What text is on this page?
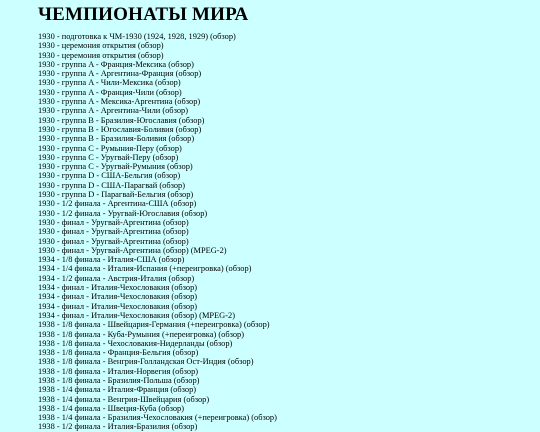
ЧЕМПИОНАТЫ МИРА
1930 - подготовка к ЧМ-1930 (1924, 1928, 1929) (обзор)
1930 - церемония открытия (обзор)
1930 - церемония открытия (обзор)
1930 - группа A - Франция-Мексика (обзор)
1930 - группа A - Аргентина-Франция (обзор)
1930 - группа A - Чили-Мексика (обзор)
1930 - группа A - Франция-Чили (обзор)
1930 - группа A - Мексика-Аргентина (обзор)
1930 - группа A - Аргентина-Чили (обзор)
1930 - группа B - Бразилия-Югославия (обзор)
1930 - группа B - Югославия-Боливия (обзор)
1930 - группа B - Бразилия-Боливия (обзор)
1930 - группа C - Румыния-Перу (обзор)
1930 - группа C - Уругвай-Перу (обзор)
1930 - группа C - Уругвай-Румыния (обзор)
1930 - группа D - США-Бельгия (обзор)
1930 - группа D - США-Парагвай (обзор)
1930 - группа D - Парагвай-Бельгия (обзор)
1930 - 1/2 финала - Аргентина-США (обзор)
1930 - 1/2 финала - Уругвай-Югославия (обзор)
1930 - финал - Уругвай-Аргентина (обзор)
1930 - финал - Уругвай-Аргентина (обзор)
1930 - финал - Уругвай-Аргентина (обзор)
1930 - финал - Уругвай-Аргентина (обзор) (MPEG-2)
1934 - 1/8 финала - Италия-США (обзор)
1934 - 1/4 финала - Италия-Испания (+переигровка) (обзор)
1934 - 1/2 финала - Австрия-Италия (обзор)
1934 - финал - Италия-Чехословакия (обзор)
1934 - финал - Италия-Чехословакия (обзор)
1934 - финал - Италия-Чехословакия (обзор)
1934 - финал - Италия-Чехословакия (обзор) (MPEG-2)
1938 - 1/8 финала - Швейцария-Германия (+переигровка) (обзор)
1938 - 1/8 финала - Куба-Румыния (+переигровка) (обзор)
1938 - 1/8 финала - Чехословакия-Нидерланды (обзор)
1938 - 1/8 финала - Франция-Бельгия (обзор)
1938 - 1/8 финала - Венгрия-Голландская Ост-Индия (обзор)
1938 - 1/8 финала - Италия-Норвегия (обзор)
1938 - 1/8 финала - Бразилия-Польша (обзор)
1938 - 1/4 финала - Италия-Франция (обзор)
1938 - 1/4 финала - Венгрия-Швейцария (обзор)
1938 - 1/4 финала - Швеция-Куба (обзор)
1938 - 1/4 финала - Бразилия-Чехословакия (+переигровка) (обзор)
1938 - 1/2 финала - Италия-Бразилия (обзор)
